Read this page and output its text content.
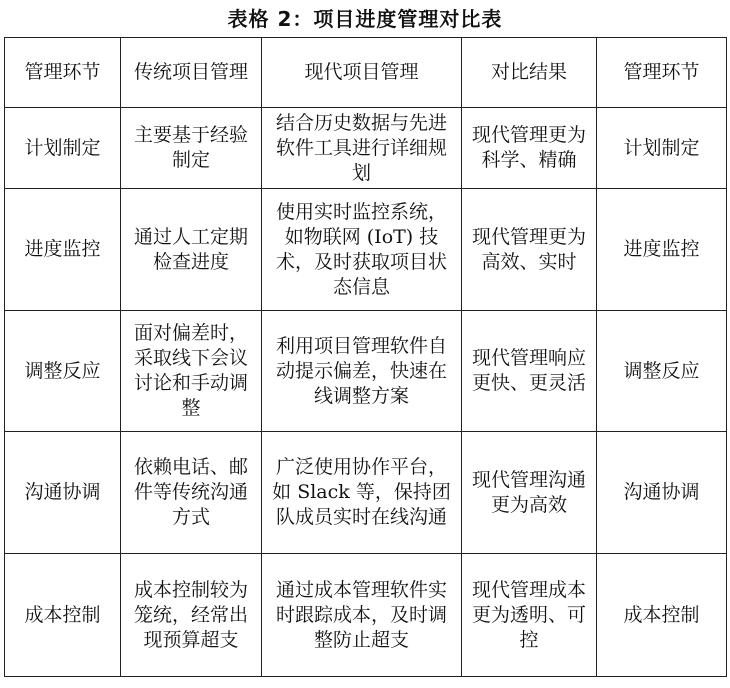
表格 2：项目进度管理对比表
管理环节	传统项目管理	现代项目管理	对比结果	管理环节
计划制定	主要基于经验制定	结合历史数据与先进软件工具进行详细规划	现代管理更为科学、精确	计划制定
进度监控	通过人工定期检查进度	使用实时监控系统，如物联网 (IoT) 技术，及时获取项目状态信息	现代管理更为高效、实时	进度监控
调整反应	面对偏差时，采取线下会议讨论和手动调整	利用项目管理软件自动提示偏差，快速在线调整方案	现代管理响应更快、更灵活	调整反应
沟通协调	依赖电话、邮件等传统沟通方式	广泛使用协作平台，如 Slack 等，保持团队成员实时在线沟通	现代管理沟通更为高效	沟通协调
成本控制	成本控制较为笼统，经常出现预算超支	通过成本管理软件实时跟踪成本，及时调整防止超支	现代管理成本更为透明、可控	成本控制
